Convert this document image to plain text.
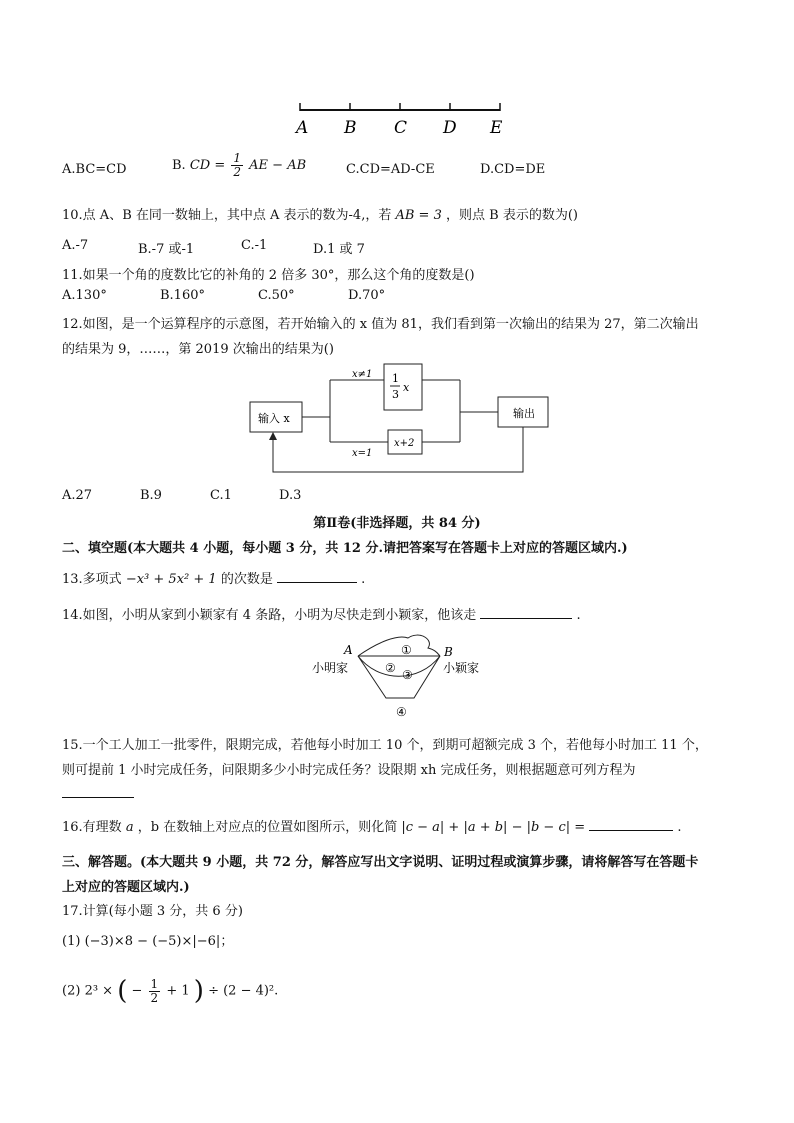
A B C D E
A.BC=CD	B. CD = $\frac{1}{2}$ AE − AB	C.CD=AD-CE	D.CD=DE
10.点 A、B 在同一数轴上，其中点 A 表示的数为-4,，若 AB = 3 ，则点 B 表示的数为()
A.-7	B.-7 或-1	C.-1	D.1 或 7
11.如果一个角的度数比它的补角的 2 倍多 30°，那么这个角的度数是()
A.130°	B.160°	C.50°	D.70°
12.如图，是一个运算程序的示意图，若开始输入的 x 值为 81，我们看到第一次输出的结果为 27，第二次输出
的结果为 9，……，第 2019 次输出的结果为()
输入 x
x≠1
x=1
1
3
x
x+2
输出
A.27	B.9	C.1	D.3
第Ⅱ卷(非选择题，共 84 分)
二、填空题(本大题共 4 小题，每小题 3 分，共 12 分.请把答案写在答题卡上对应的答题区域内.)
13.多项式 −x³ + 5x² + 1 的次数是	.
14.如图，小明从家到小颖家有 4 条路，小明为尽快走到小颖家，他该走	.
A	B
小明家	小颖家
①
② ③
④
15.一个工人加工一批零件，限期完成，若他每小时加工 10 个，到期可超额完成 3 个，若他每小时加工 11 个，
则可提前 1 小时完成任务，问限期多少小时完成任务？设限期 xh 完成任务，则根据题意可列方程为
16.有理数 a ，b 在数轴上对应点的位置如图所示，则化简 |c − a| + |a + b| − |b − c| =	.
三、解答题。(本大题共 9 小题，共 72 分，解答应写出文字说明、证明过程或演算步骤，请将解答写在答题卡
上对应的答题区域内.)
17.计算(每小题 3 分，共 6 分)
(1) (−3)×8 − (−5)×|−6|；
(2) 2³ × ( − $\frac{1}{2} + 1$ ) ÷ (2 − 4)².
